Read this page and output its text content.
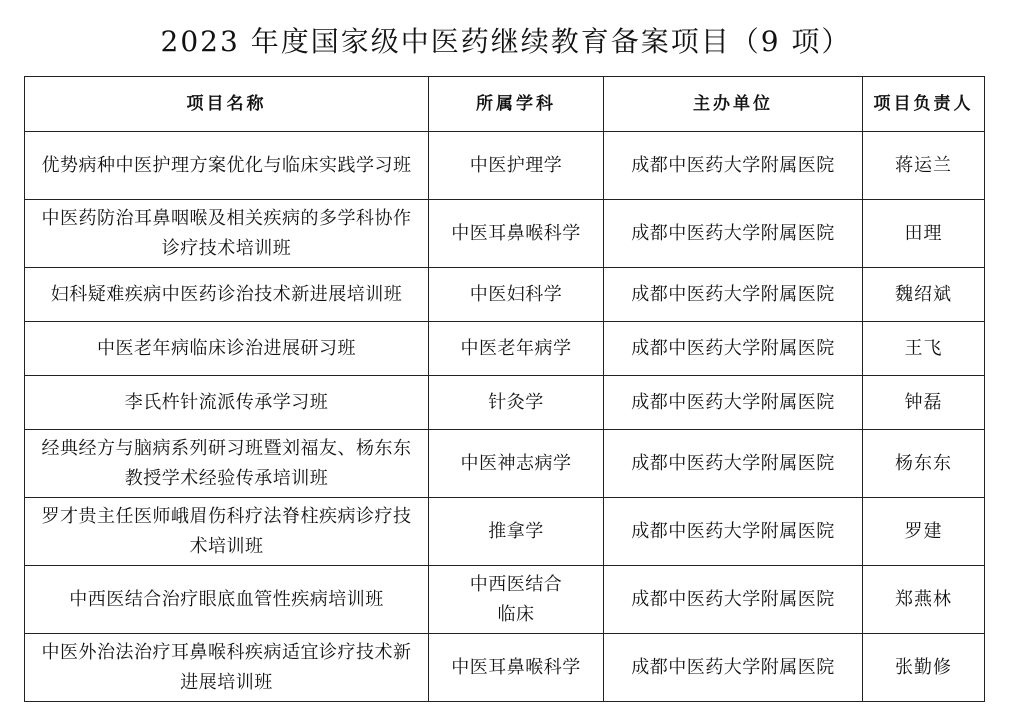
2023 年度国家级中医药继续教育备案项目（9 项）
项目名称	所属学科	主办单位	项目负责人
优势病种中医护理方案优化与临床实践学习班	中医护理学	成都中医药大学附属医院	蒋运兰
中医药防治耳鼻咽喉及相关疾病的多学科协作诊疗技术培训班	中医耳鼻喉科学	成都中医药大学附属医院	田理
妇科疑难疾病中医药诊治技术新进展培训班	中医妇科学	成都中医药大学附属医院	魏绍斌
中医老年病临床诊治进展研习班	中医老年病学	成都中医药大学附属医院	王飞
李氏杵针流派传承学习班	针灸学	成都中医药大学附属医院	钟磊
经典经方与脑病系列研习班暨刘福友、杨东东教授学术经验传承培训班	中医神志病学	成都中医药大学附属医院	杨东东
罗才贵主任医师峨眉伤科疗法脊柱疾病诊疗技术培训班	推拿学	成都中医药大学附属医院	罗建
中西医结合治疗眼底血管性疾病培训班	中西医结合临床	成都中医药大学附属医院	郑燕林
中医外治法治疗耳鼻喉科疾病适宜诊疗技术新进展培训班	中医耳鼻喉科学	成都中医药大学附属医院	张勤修
